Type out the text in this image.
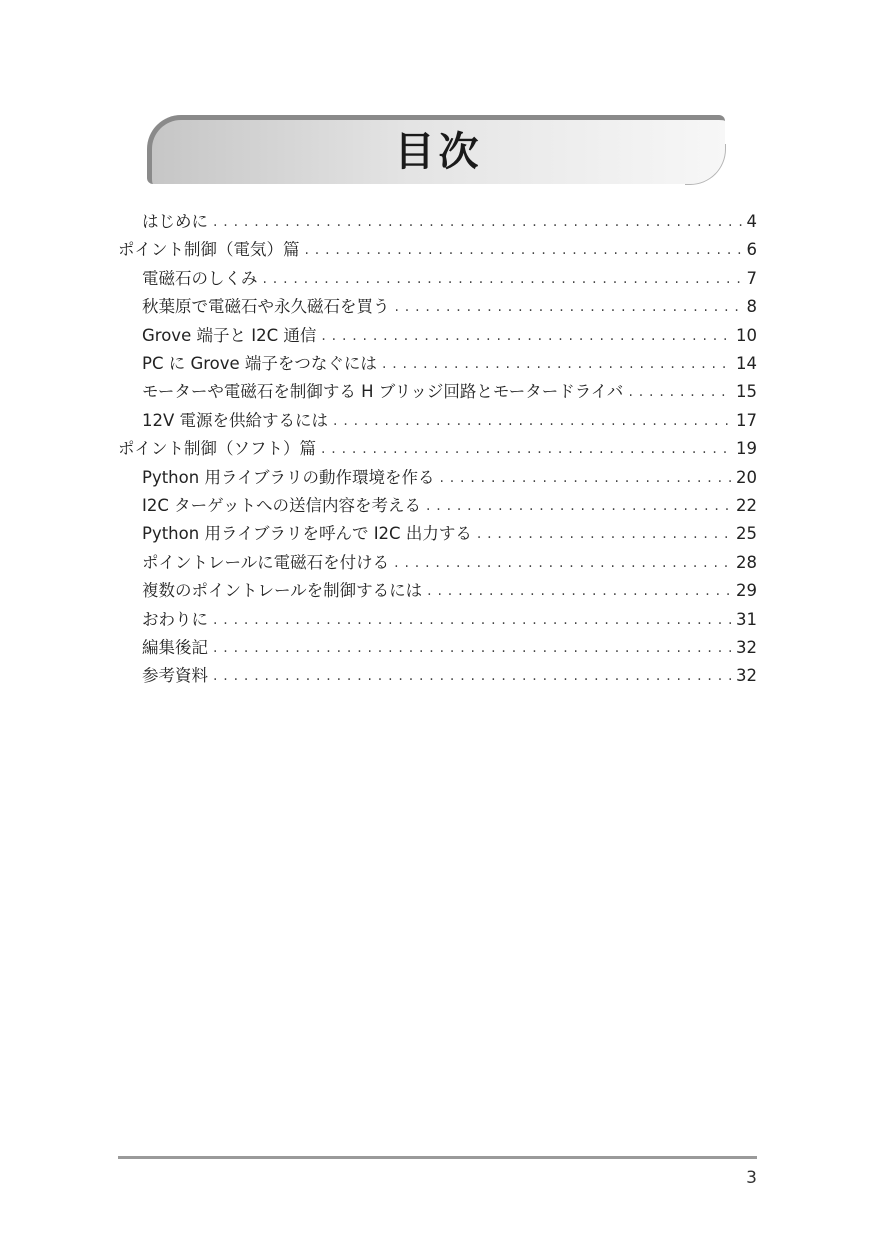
目次
はじめに . . .	4
ポイント制御（電気）篇 . . .	6
電磁石のしくみ . . .	7
秋葉原で電磁石や永久磁石を買う . . .	8
Grove 端子と I2C 通信 . . .	10
PC に Grove 端子をつなぐには . . .	14
モーターや電磁石を制御する H ブリッジ回路とモータードライバ . . .	15
12V 電源を供給するには . . .	17
ポイント制御（ソフト）篇 . . .	19
Python 用ライブラリの動作環境を作る . . .	20
I2C ターゲットへの送信内容を考える . . .	22
Python 用ライブラリを呼んで I2C 出力する . . .	25
ポイントレールに電磁石を付ける . . .	28
複数のポイントレールを制御するには . . .	29
おわりに . . .	31
編集後記 . . .	32
参考資料 . . .	32
3
